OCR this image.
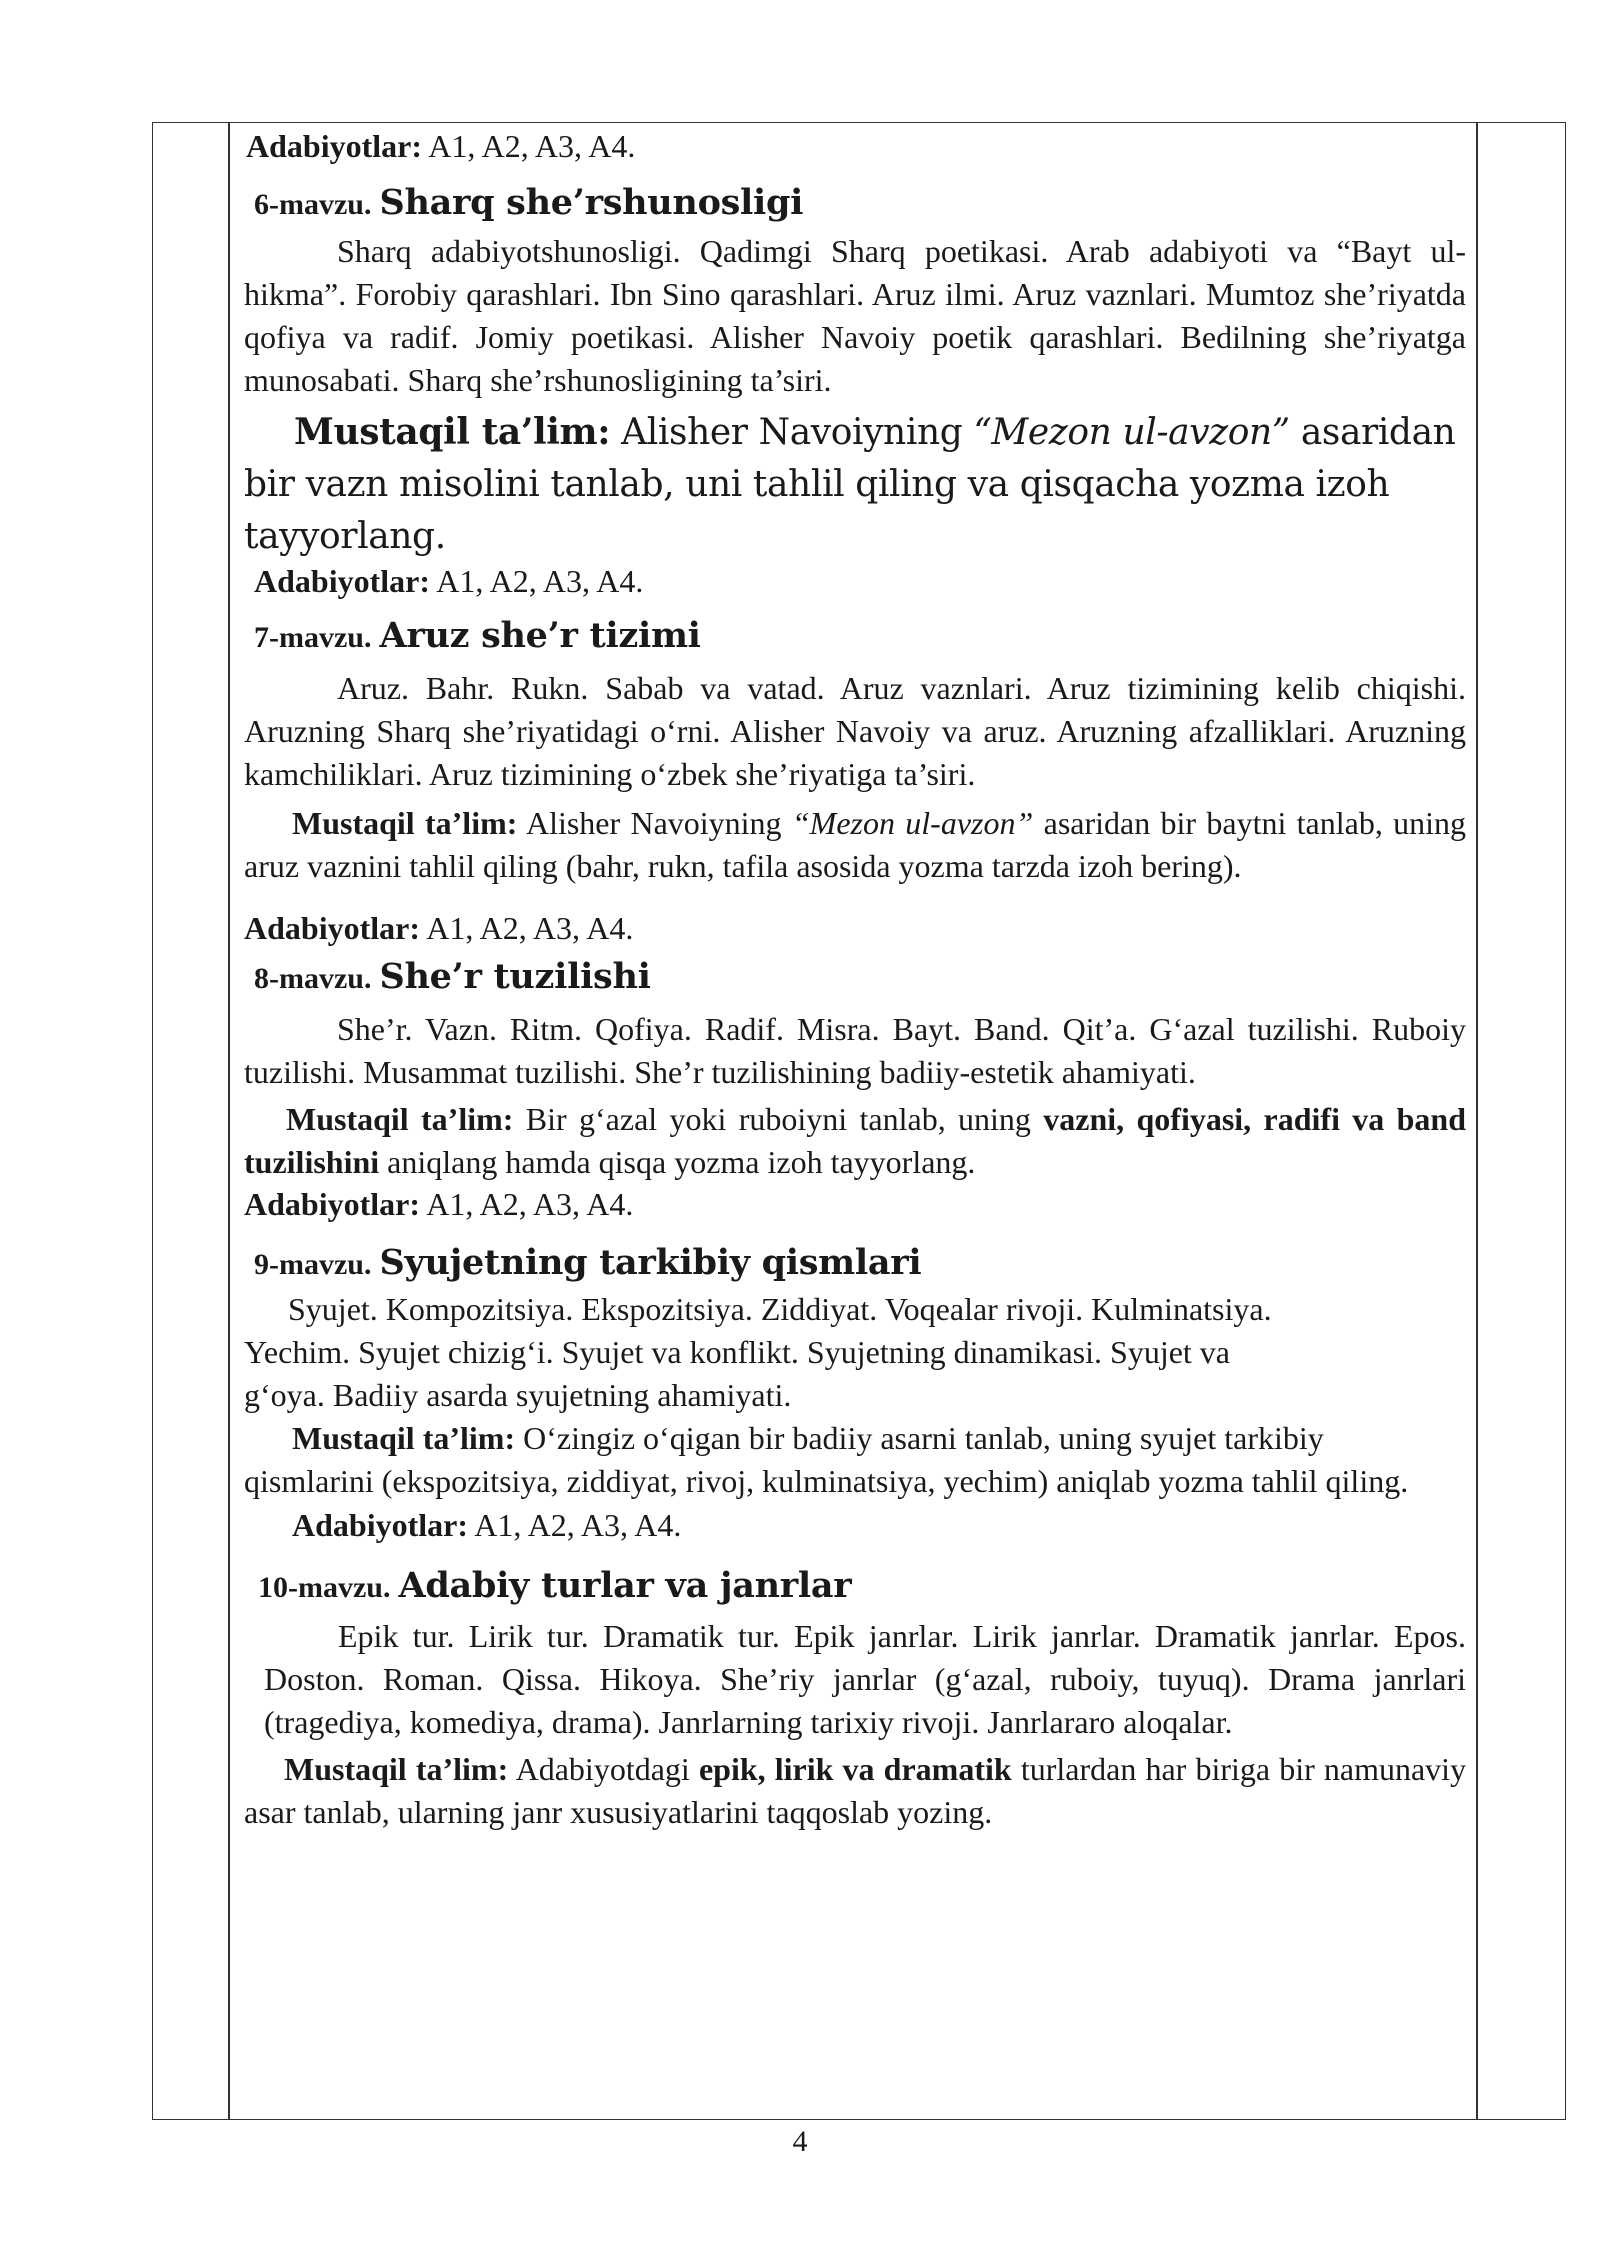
Adabiyotlar: A1, A2, A3, A4.

6-mavzu. Sharq she’rshunosligi

Sharq adabiyotshunosligi. Qadimgi Sharq poetikasi. Arab adabiyoti va “Bayt ul-hikma”. Forobiy qarashlari. Ibn Sino qarashlari. Aruz ilmi. Aruz vaznlari. Mumtoz she’riyatda qofiya va radif. Jomiy poetikasi. Alisher Navoiy poetik qarashlari. Bedilning she’riyatga munosabati. Sharq she’rshunosligining ta’siri.

Mustaqil ta’lim: Alisher Navoiyning “Mezon ul-avzon” asaridan bir vazn misolini tanlab, uni tahlil qiling va qisqacha yozma izoh tayyorlang.

Adabiyotlar: A1, A2, A3, A4.

7-mavzu. Aruz she’r tizimi

Aruz. Bahr. Rukn. Sabab va vatad. Aruz vaznlari. Aruz tizimining kelib chiqishi. Aruzning Sharq she’riyatidagi o‘rni. Alisher Navoiy va aruz. Aruzning afzalliklari. Aruzning kamchiliklari. Aruz tizimining o‘zbek she’riyatiga ta’siri.

Mustaqil ta’lim: Alisher Navoiyning “Mezon ul-avzon” asaridan bir baytni tanlab, uning aruz vaznini tahlil qiling (bahr, rukn, tafila asosida yozma tarzda izoh bering).

Adabiyotlar: A1, A2, A3, A4.

8-mavzu. She’r tuzilishi

She’r. Vazn. Ritm. Qofiya. Radif. Misra. Bayt. Band. Qit’a. G‘azal tuzilishi. Ruboiy tuzilishi. Musammat tuzilishi. She’r tuzilishining badiiy-estetik ahamiyati.

Mustaqil ta’lim: Bir g‘azal yoki ruboiyni tanlab, uning vazni, qofiyasi, radifi va band tuzilishini aniqlang hamda qisqa yozma izoh tayyorlang.

Adabiyotlar: A1, A2, A3, A4.

9-mavzu. Syujetning tarkibiy qismlari

Syujet. Kompozitsiya. Ekspozitsiya. Ziddiyat. Voqealar rivoji. Kulminatsiya. Yechim. Syujet chizig‘i. Syujet va konflikt. Syujetning dinamikasi. Syujet va g‘oya. Badiiy asarda syujetning ahamiyati.

Mustaqil ta’lim: O‘zingiz o‘qigan bir badiiy asarni tanlab, uning syujet tarkibiy qismlarini (ekspozitsiya, ziddiyat, rivoj, kulminatsiya, yechim) aniqlab yozma tahlil qiling.

Adabiyotlar: A1, A2, A3, A4.

10-mavzu. Adabiy turlar va janrlar

Epik tur. Lirik tur. Dramatik tur. Epik janrlar. Lirik janrlar. Dramatik janrlar. Epos. Doston. Roman. Qissa. Hikoya. She’riy janrlar (g‘azal, ruboiy, tuyuq). Drama janrlari (tragediya, komediya, drama). Janrlarning tarixiy rivoji. Janrlararo aloqalar.

Mustaqil ta’lim: Adabiyotdagi epik, lirik va dramatik turlardan har biriga bir namunaviy asar tanlab, ularning janr xususiyatlarini taqqoslab yozing.

4
